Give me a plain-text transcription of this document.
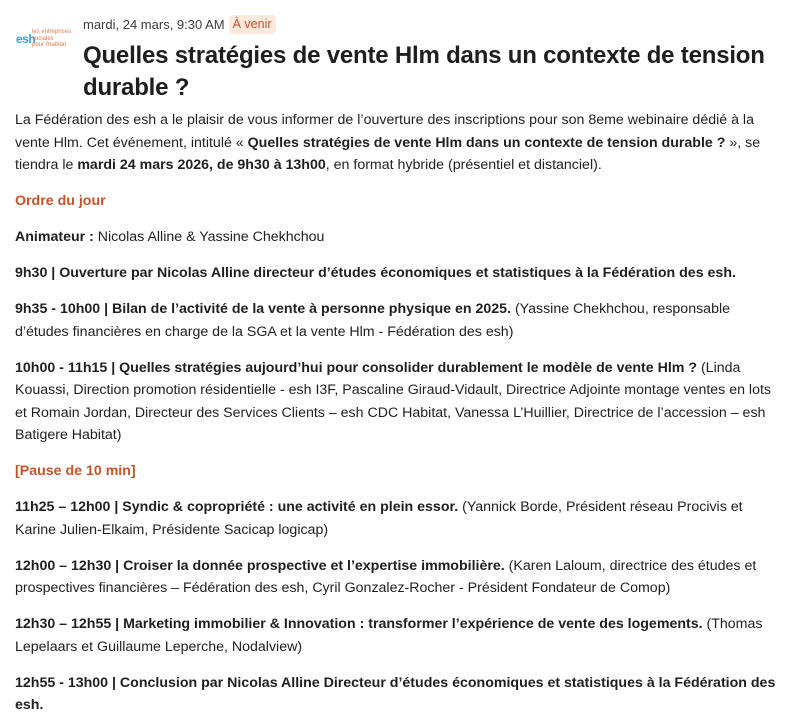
esh
les entreprises
sociales
pour l'habitat
mardi, 24 mars, 9:30 AM À venir
Quelles stratégies de vente Hlm dans un contexte de tension durable ?

La Fédération des esh a le plaisir de vous informer de l’ouverture des inscriptions pour son 8eme webinaire dédié à la vente Hlm. Cet événement, intitulé « Quelles stratégies de vente Hlm dans un contexte de tension durable ? », se tiendra le mardi 24 mars 2026, de 9h30 à 13h00, en format hybride (présentiel et distanciel).

Ordre du jour

Animateur : Nicolas Alline & Yassine Chekhchou

9h30 | Ouverture par Nicolas Alline directeur d’études économiques et statistiques à la Fédération des esh.

9h35 - 10h00 | Bilan de l’activité de la vente à personne physique en 2025. (Yassine Chekhchou, responsable d’études financières en charge de la SGA et la vente Hlm - Fédération des esh)

10h00 - 11h15 | Quelles stratégies aujourd’hui pour consolider durablement le modèle de vente Hlm ? (Linda Kouassi, Direction promotion résidentielle - esh I3F, Pascaline Giraud-Vidault, Directrice Adjointe montage ventes en lots et Romain Jordan, Directeur des Services Clients – esh CDC Habitat, Vanessa L’Huillier, Directrice de l’accession – esh Batigere Habitat)

[Pause de 10 min]

11h25 – 12h00 | Syndic & copropriété : une activité en plein essor. (Yannick Borde, Président réseau Procivis et Karine Julien-Elkaim, Présidente Sacicap logicap)

12h00 – 12h30 | Croiser la donnée prospective et l’expertise immobilière. (Karen Laloum, directrice des études et prospectives financières – Fédération des esh, Cyril Gonzalez-Rocher - Président Fondateur de Comop)

12h30 – 12h55 | Marketing immobilier & Innovation : transformer l’expérience de vente des logements. (Thomas Lepelaars et Guillaume Leperche, Nodalview)

12h55 - 13h00 | Conclusion par Nicolas Alline Directeur d’études économiques et statistiques à la Fédération des esh.
